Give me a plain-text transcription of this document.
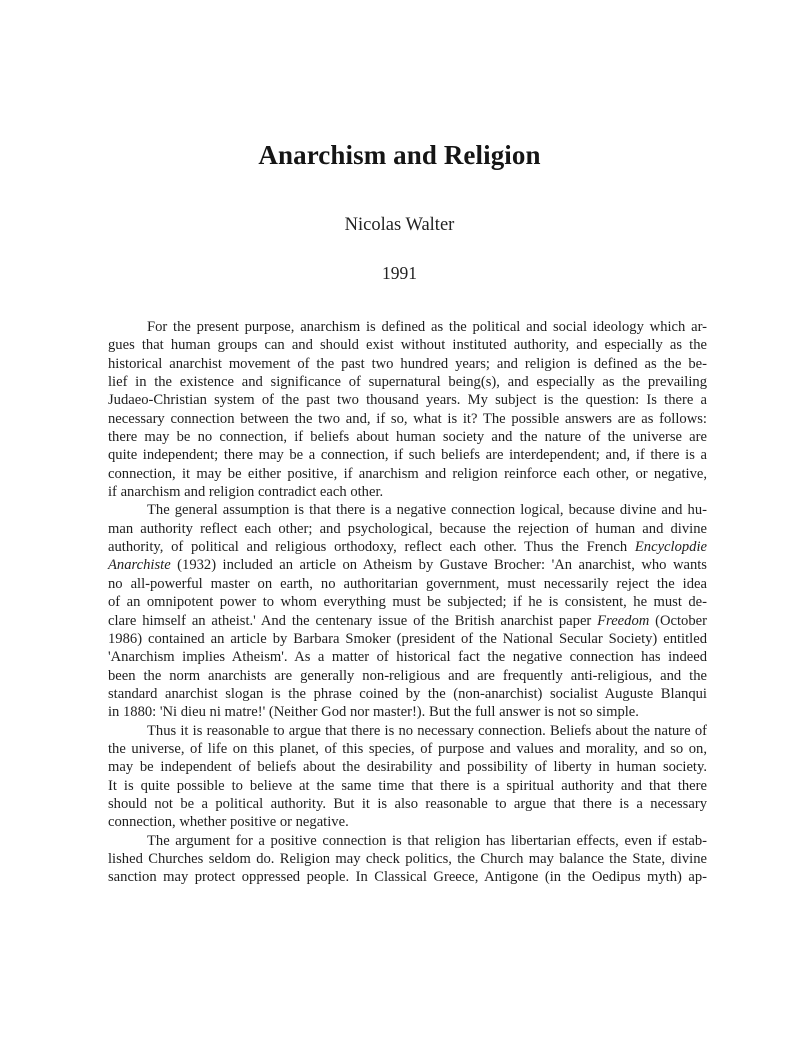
Anarchism and Religion
Nicolas Walter
1991
For the present purpose, anarchism is defined as the political and social ideology which ar-
gues that human groups can and should exist without instituted authority, and especially as the
historical anarchist movement of the past two hundred years; and religion is defined as the be-
lief in the existence and significance of supernatural being(s), and especially as the prevailing
Judaeo-Christian system of the past two thousand years. My subject is the question: Is there a
necessary connection between the two and, if so, what is it? The possible answers are as follows:
there may be no connection, if beliefs about human society and the nature of the universe are
quite independent; there may be a connection, if such beliefs are interdependent; and, if there is a
connection, it may be either positive, if anarchism and religion reinforce each other, or negative,
if anarchism and religion contradict each other.
The general assumption is that there is a negative connection logical, because divine and hu-
man authority reflect each other; and psychological, because the rejection of human and divine
authority, of political and religious orthodoxy, reflect each other. Thus the French Encyclopdie
Anarchiste (1932) included an article on Atheism by Gustave Brocher: 'An anarchist, who wants
no all-powerful master on earth, no authoritarian government, must necessarily reject the idea
of an omnipotent power to whom everything must be subjected; if he is consistent, he must de-
clare himself an atheist.' And the centenary issue of the British anarchist paper Freedom (October
1986) contained an article by Barbara Smoker (president of the National Secular Society) entitled
'Anarchism implies Atheism'. As a matter of historical fact the negative connection has indeed
been the norm anarchists are generally non-religious and are frequently anti-religious, and the
standard anarchist slogan is the phrase coined by the (non-anarchist) socialist Auguste Blanqui
in 1880: 'Ni dieu ni matre!' (Neither God nor master!). But the full answer is not so simple.
Thus it is reasonable to argue that there is no necessary connection. Beliefs about the nature of
the universe, of life on this planet, of this species, of purpose and values and morality, and so on,
may be independent of beliefs about the desirability and possibility of liberty in human society.
It is quite possible to believe at the same time that there is a spiritual authority and that there
should not be a political authority. But it is also reasonable to argue that there is a necessary
connection, whether positive or negative.
The argument for a positive connection is that religion has libertarian effects, even if estab-
lished Churches seldom do. Religion may check politics, the Church may balance the State, divine
sanction may protect oppressed people. In Classical Greece, Antigone (in the Oedipus myth) ap-
